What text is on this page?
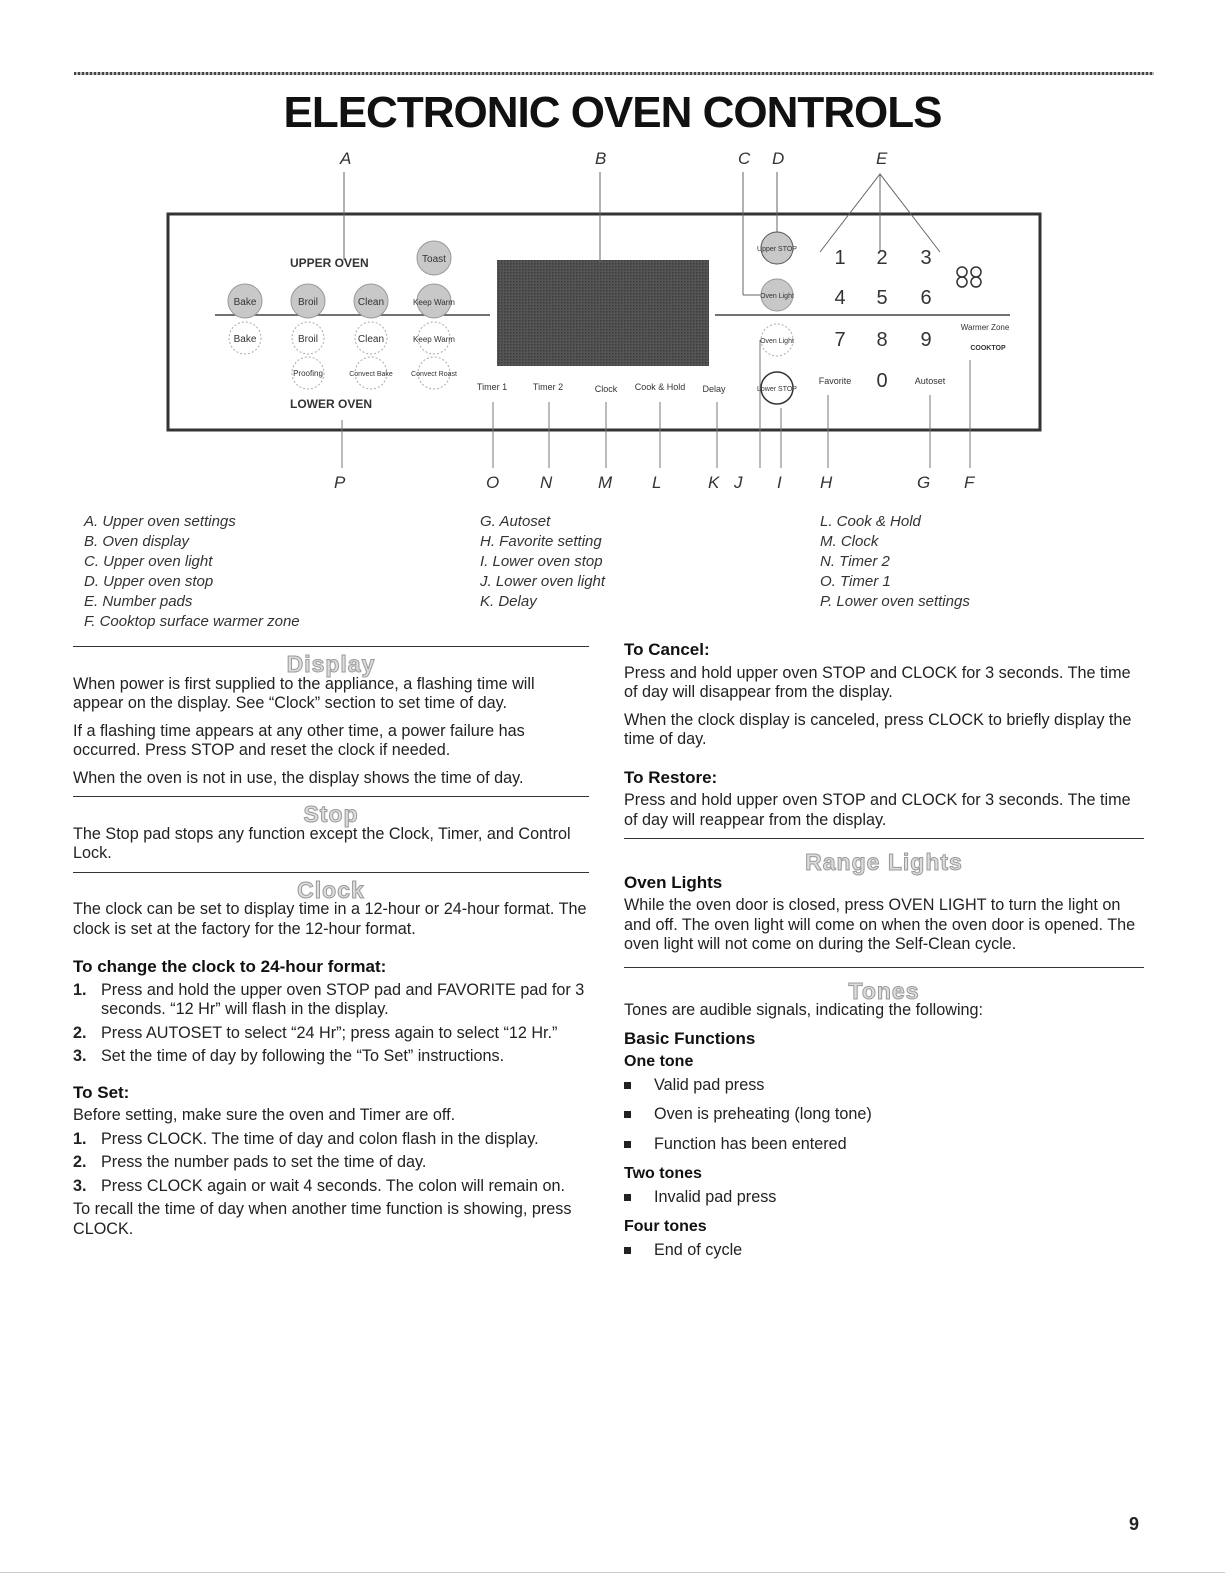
ELECTRONIC OVEN CONTROLS
A	B	C D	E
UPPER OVEN	Toast
Bake	Broil	Clean	Keep Warm
Bake	Broil	Clean	Keep Warm
Proofing	Convect Bake	Convect Roast
Timer 1	Timer 2	Clock Cook & Hold Delay
Upper STOP
Oven Light
Oven Light
Lower STOP
LOWER OVEN
1 2 3
4 5 6
7 8 9
0
Favorite	Autoset
Warmer Zone
COOKTOP
P	O N	M L	K J I H	G F
A. Upper oven settings
B. Oven display
C. Upper oven light
D. Upper oven stop
E. Number pads
F. Cooktop surface warmer zone
G. Autoset
H. Favorite setting
I. Lower oven stop
J. Lower oven light
K. Delay
L. Cook & Hold
M. Clock
N. Timer 2
O. Timer 1
P. Lower oven settings
Display

When power is first supplied to the appliance, a flashing time will appear on the display. See “Clock” section to set time of day.

If a flashing time appears at any other time, a power failure has occurred. Press STOP and reset the clock if needed.

When the oven is not in use, the display shows the time of day.

Stop

The Stop pad stops any function except the Clock, Timer, and Control Lock.

Clock

The clock can be set to display time in a 12-hour or 24-hour format. The clock is set at the factory for the 12-hour format.

To change the clock to 24-hour format:
1. Press and hold the upper oven STOP pad and FAVORITE pad for 3 seconds. “12 Hr” will flash in the display.
2. Press AUTOSET to select “24 Hr”; press again to select “12 Hr.”
3. Set the time of day by following the “To Set” instructions.
To Set:

Before setting, make sure the oven and Timer are off.

1. Press CLOCK. The time of day and colon flash in the display.
2. Press the number pads to set the time of day.
3. Press CLOCK again or wait 4 seconds. The colon will remain on.

To recall the time of day when another time function is showing, press CLOCK.

To Cancel:

Press and hold upper oven STOP and CLOCK for 3 seconds. The time of day will disappear from the display.

When the clock display is canceled, press CLOCK to briefly display the time of day.

To Restore:

Press and hold upper oven STOP and CLOCK for 3 seconds. The time of day will reappear from the display.

Range Lights
Oven Lights

While the oven door is closed, press OVEN LIGHT to turn the light on and off. The oven light will come on when the oven door is opened. The oven light will not come on during the Self-Clean cycle.

Tones

Tones are audible signals, indicating the following:

Basic Functions
One tone
Valid pad press
Oven is preheating (long tone)
Function has been entered
Two tones
Invalid pad press
Four tones
End of cycle
9
